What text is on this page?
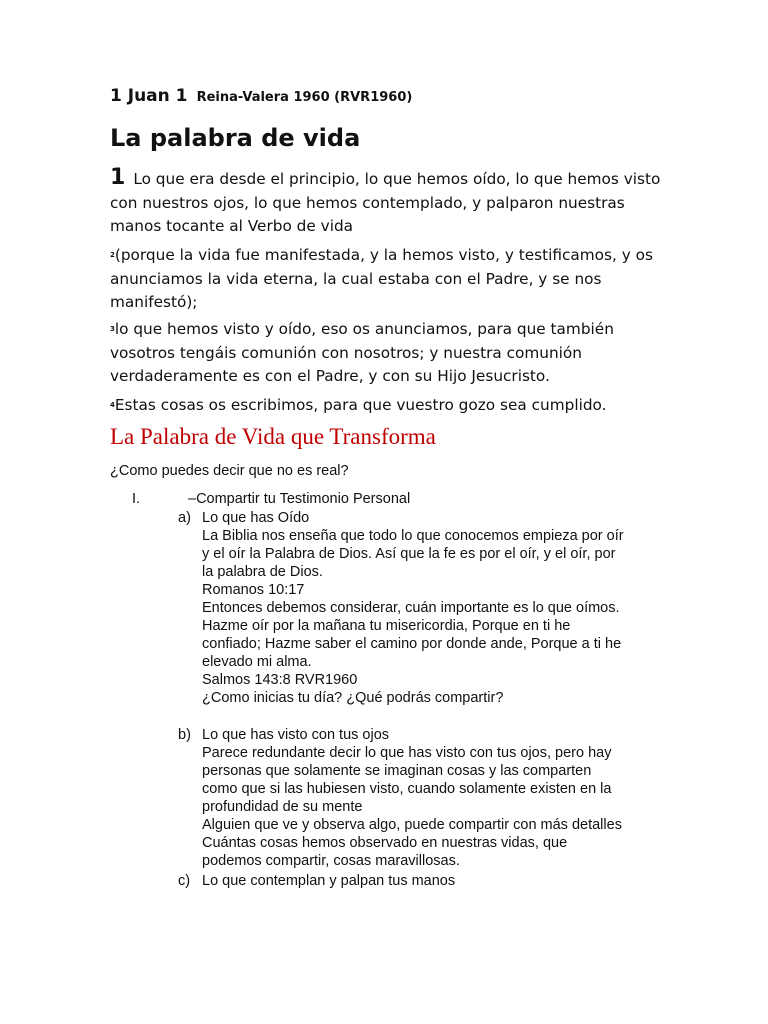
1 Juan 1 Reina-Valera 1960 (RVR1960)
La palabra de vida
1 Lo que era desde el principio, lo que hemos oído, lo que hemos visto con nuestros ojos, lo que hemos contemplado, y palparon nuestras manos tocante al Verbo de vida
$^2$(porque la vida fue manifestada, y la hemos visto, y testificamos, y os anunciamos la vida eterna, la cual estaba con el Padre, y se nos manifestó);
$^3$lo que hemos visto y oído, eso os anunciamos, para que también vosotros tengáis comunión con nosotros; y nuestra comunión verdaderamente es con el Padre, y con su Hijo Jesucristo.
$^4$Estas cosas os escribimos, para que vuestro gozo sea cumplido.
La Palabra de Vida que Transforma
¿Como puedes decir que no es real?
I.	–Compartir tu Testimonio Personal
a) Lo que has Oído
La Biblia nos enseña que todo lo que conocemos empieza por oír
y el oír la Palabra de Dios. Así que la fe es por el oír, y el oír, por
la palabra de Dios.
Romanos 10:17
Entonces debemos considerar, cuán importante es lo que oímos.
Hazme oír por la mañana tu misericordia, Porque en ti he
confiado; Hazme saber el camino por donde ande, Porque a ti he
elevado mi alma.
Salmos 143:8 RVR1960
¿Como inicias tu día? ¿Qué podrás compartir?
b) Lo que has visto con tus ojos
Parece redundante decir lo que has visto con tus ojos, pero hay
personas que solamente se imaginan cosas y las comparten
como que si las hubiesen visto, cuando solamente existen en la
profundidad de su mente
Alguien que ve y observa algo, puede compartir con más detalles
Cuántas cosas hemos observado en nuestras vidas, que
podemos compartir, cosas maravillosas.
c) Lo que contemplan y palpan tus manos
